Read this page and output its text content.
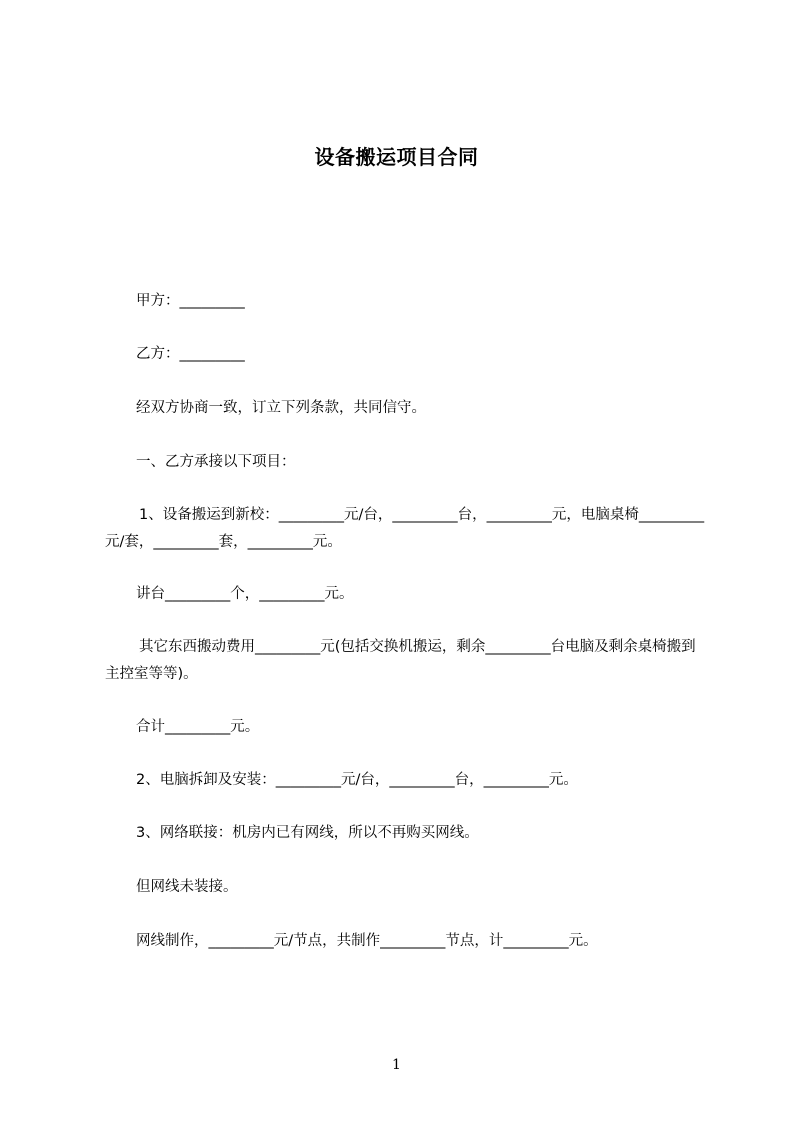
设备搬运项目合同
甲方：_________
乙方：_________
经双方协商一致，订立下列条款，共同信守。
一、乙方承接以下项目：
1、设备搬运到新校：_________元/台，_________台，_________元，电脑桌椅_________元/套，_________套，_________元。
讲台_________个，_________元。
其它东西搬动费用_________元(包括交换机搬运，剩余_________台电脑及剩余桌椅搬到主控室等等)。
合计_________元。
2、电脑拆卸及安装：_________元/台，_________台，_________元。
3、网络联接：机房内已有网线，所以不再购买网线。
但网线未装接。
网线制作，_________元/节点，共制作_________节点，计_________元。
1
